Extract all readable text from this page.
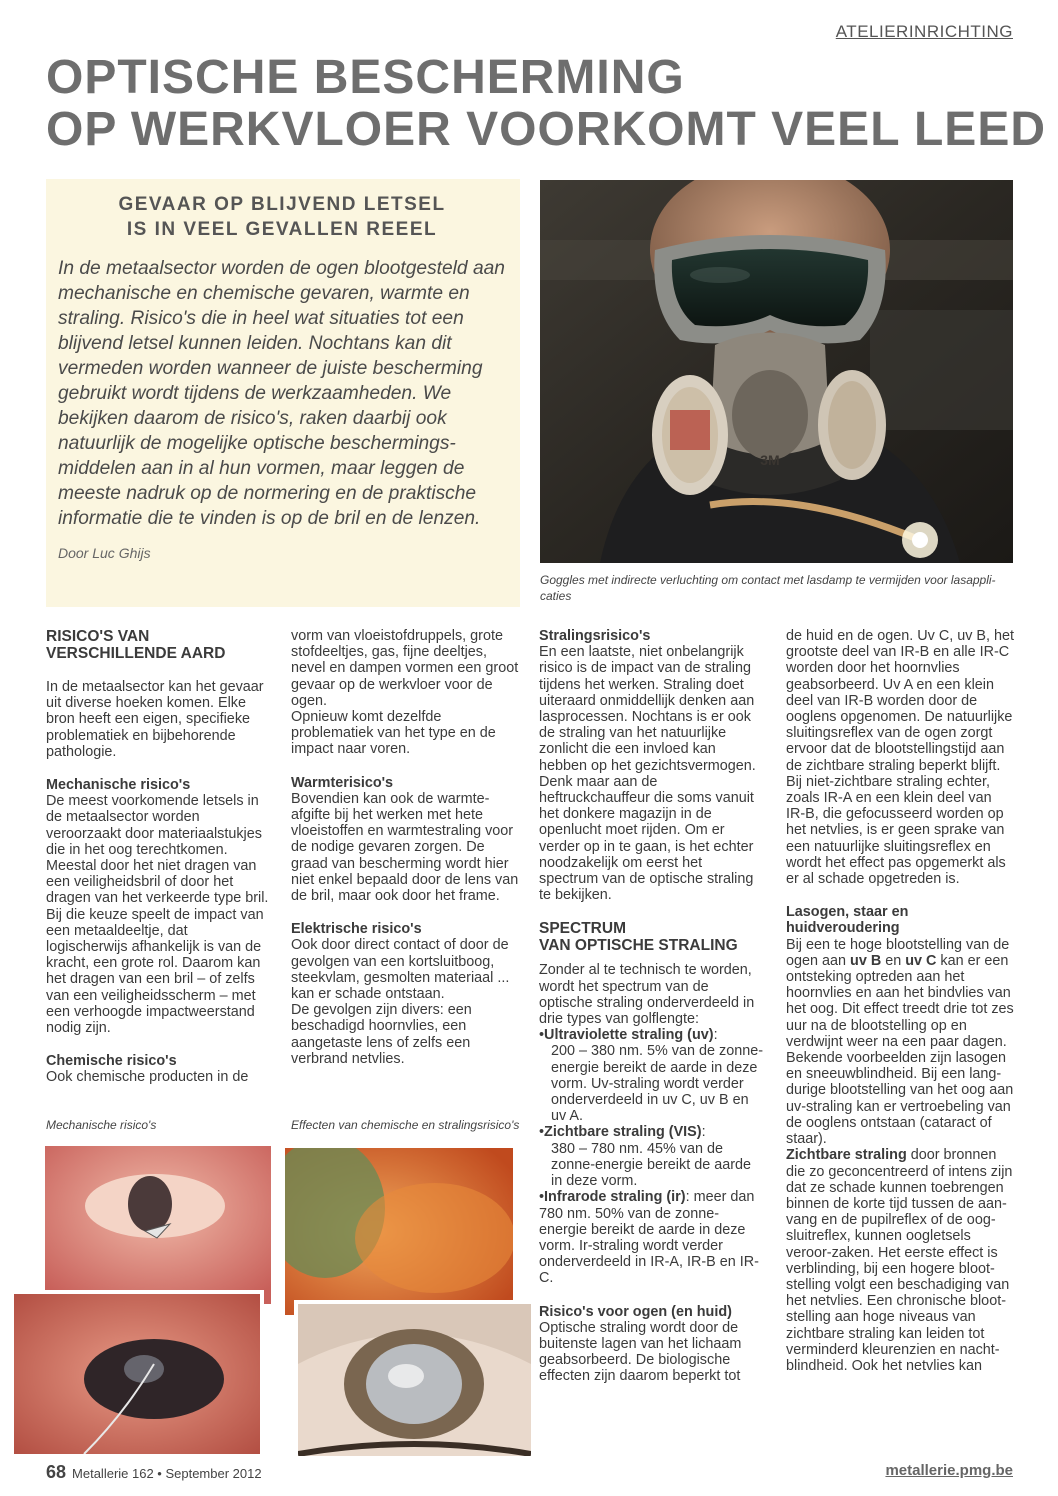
ATELIERINRICHTING
OPTISCHE BESCHERMING
OP WERKVLOER VOORKOMT VEEL LEED
GEVAAR OP BLIJVEND LETSEL
IS IN VEEL GEVALLEN REEEL
In de metaalsector worden de ogen blootgesteld aan mechanische en chemische gevaren, warmte en straling. Risico's die in heel wat situaties tot een blijvend letsel kunnen leiden. Nochtans kan dit vermeden worden wanneer de juiste bescherming gebruikt wordt tijdens de werkzaamheden. We bekijken daarom de risico's, raken daarbij ook natuurlijk de mogelijke optische beschermings-middelen aan in al hun vormen, maar leggen de meeste nadruk op de normering en de praktische informatie die te vinden is op de bril en de lenzen.
Door Luc Ghijs
3M
Goggles met indirecte verluchting om contact met lasdamp te vermijden voor lasappli-caties
RISICO'S VAN
VERSCHILLENDE AARD

In de metaalsector kan het gevaar uit diverse hoeken komen. Elke bron heeft een eigen, specifieke problematiek en bijbehorende pathologie.

Mechanische risico's

De meest voorkomende letsels in de metaalsector worden veroorzaakt door materiaalstukjes die in het oog terechtkomen. Meestal door het niet dragen van een veiligheidsbril of door het dragen van het verkeerde type bril. Bij die keuze speelt de impact van een metaaldeeltje, dat logischerwijs afhankelijk is van de kracht, een grote rol. Daarom kan het dragen van een bril – of zelfs van een veiligheidsscherm – met een verhoogde impactweerstand nodig zijn.

Chemische risico's

Ook chemische producten in de

vorm van vloeistofdruppels, grote stofdeeltjes, gas, fijne deeltjes, nevel en dampen vormen een groot gevaar op de werkvloer voor de ogen.

Opnieuw komt dezelfde problematiek van het type en de impact naar voren.

Warmterisico's

Bovendien kan ook de warmte-afgifte bij het werken met hete vloeistoffen en warmtestraling voor de nodige gevaren zorgen. De graad van bescherming wordt hier niet enkel bepaald door de lens van de bril, maar ook door het frame.

Elektrische risico's

Ook door direct contact of door de gevolgen van een kortsluitboog, steekvlam, gesmolten materiaal ... kan er schade ontstaan.

De gevolgen zijn divers: een beschadigd hoornvlies, een aangetaste lens of zelfs een verbrand netvlies.

Stralingsrisico's

En een laatste, niet onbelangrijk risico is de impact van de straling tijdens het werken. Straling doet uiteraard onmiddellijk denken aan lasprocessen. Nochtans is er ook de straling van het natuurlijke zonlicht die een invloed kan hebben op het gezichtsvermogen. Denk maar aan de heftruckchauffeur die soms vanuit het donkere magazijn in de openlucht moet rijden. Om er verder op in te gaan, is het echter noodzakelijk om eerst het spectrum van de optische straling te bekijken.

SPECTRUM
VAN OPTISCHE STRALING

Zonder al te technisch te worden, wordt het spectrum van de optische straling onderverdeeld in drie types van golflengte:

•Ultraviolette straling (uv):

200 – 380 nm. 5% van de zonne-energie bereikt de aarde in deze vorm. Uv-straling wordt verder onderverdeeld in uv C, uv B en uv A.

•Zichtbare straling (VIS):

380 – 780 nm. 45% van de zonne-energie bereikt de aarde in deze vorm.

•Infrarode straling (ir): meer dan 780 nm. 50% van de zonne-energie bereikt de aarde in deze vorm. Ir-straling wordt verder onderverdeeld in IR-A, IR-B en IR-C.

Risico's voor ogen (en huid)

Optische straling wordt door de buitenste lagen van het lichaam geabsorbeerd. De biologische effecten zijn daarom beperkt tot

de huid en de ogen. Uv C, uv B, het grootste deel van IR-B en alle IR-C worden door het hoornvlies geabsorbeerd. Uv A en een klein deel van IR-B worden door de ooglens opgenomen. De natuurlijke sluitingsreflex van de ogen zorgt ervoor dat de blootstellingstijd aan de zichtbare straling beperkt blijft. Bij niet-zichtbare straling echter, zoals IR-A en een klein deel van IR-B, die gefocusseerd worden op het netvlies, is er geen sprake van een natuurlijke sluitingsreflex en wordt het effect pas opgemerkt als er al schade opgetreden is.

Lasogen, staar en
huidveroudering

Bij een te hoge blootstelling van de ogen aan uv B en uv C kan er een ontsteking optreden aan het hoornvlies en aan het bindvlies van het oog. Dit effect treedt drie tot zes uur na de blootstelling op en verdwijnt weer na een paar dagen. Bekende voorbeelden zijn lasogen en sneeuwblindheid. Bij een lang-durige blootstelling van het oog aan uv-straling kan er vertroebeling van de ooglens ontstaan (cataract of staar).

Zichtbare straling door bronnen die zo geconcentreerd of intens zijn dat ze schade kunnen toebrengen binnen de korte tijd tussen de aan-vang en de pupilreflex of de oog-sluitreflex, kunnen oogletsels veroor-zaken. Het eerste effect is verblinding, bij een hogere bloot-stelling volgt een beschadiging van het netvlies. Een chronische bloot-stelling aan hoge niveaus van zichtbare straling kan leiden tot verminderd kleurenzien en nacht-blindheid. Ook het netvlies kan

Mechanische risico's	Effecten van chemische en stralingsrisico's
68 Metallerie 162 • September 2012	metallerie.pmg.be
